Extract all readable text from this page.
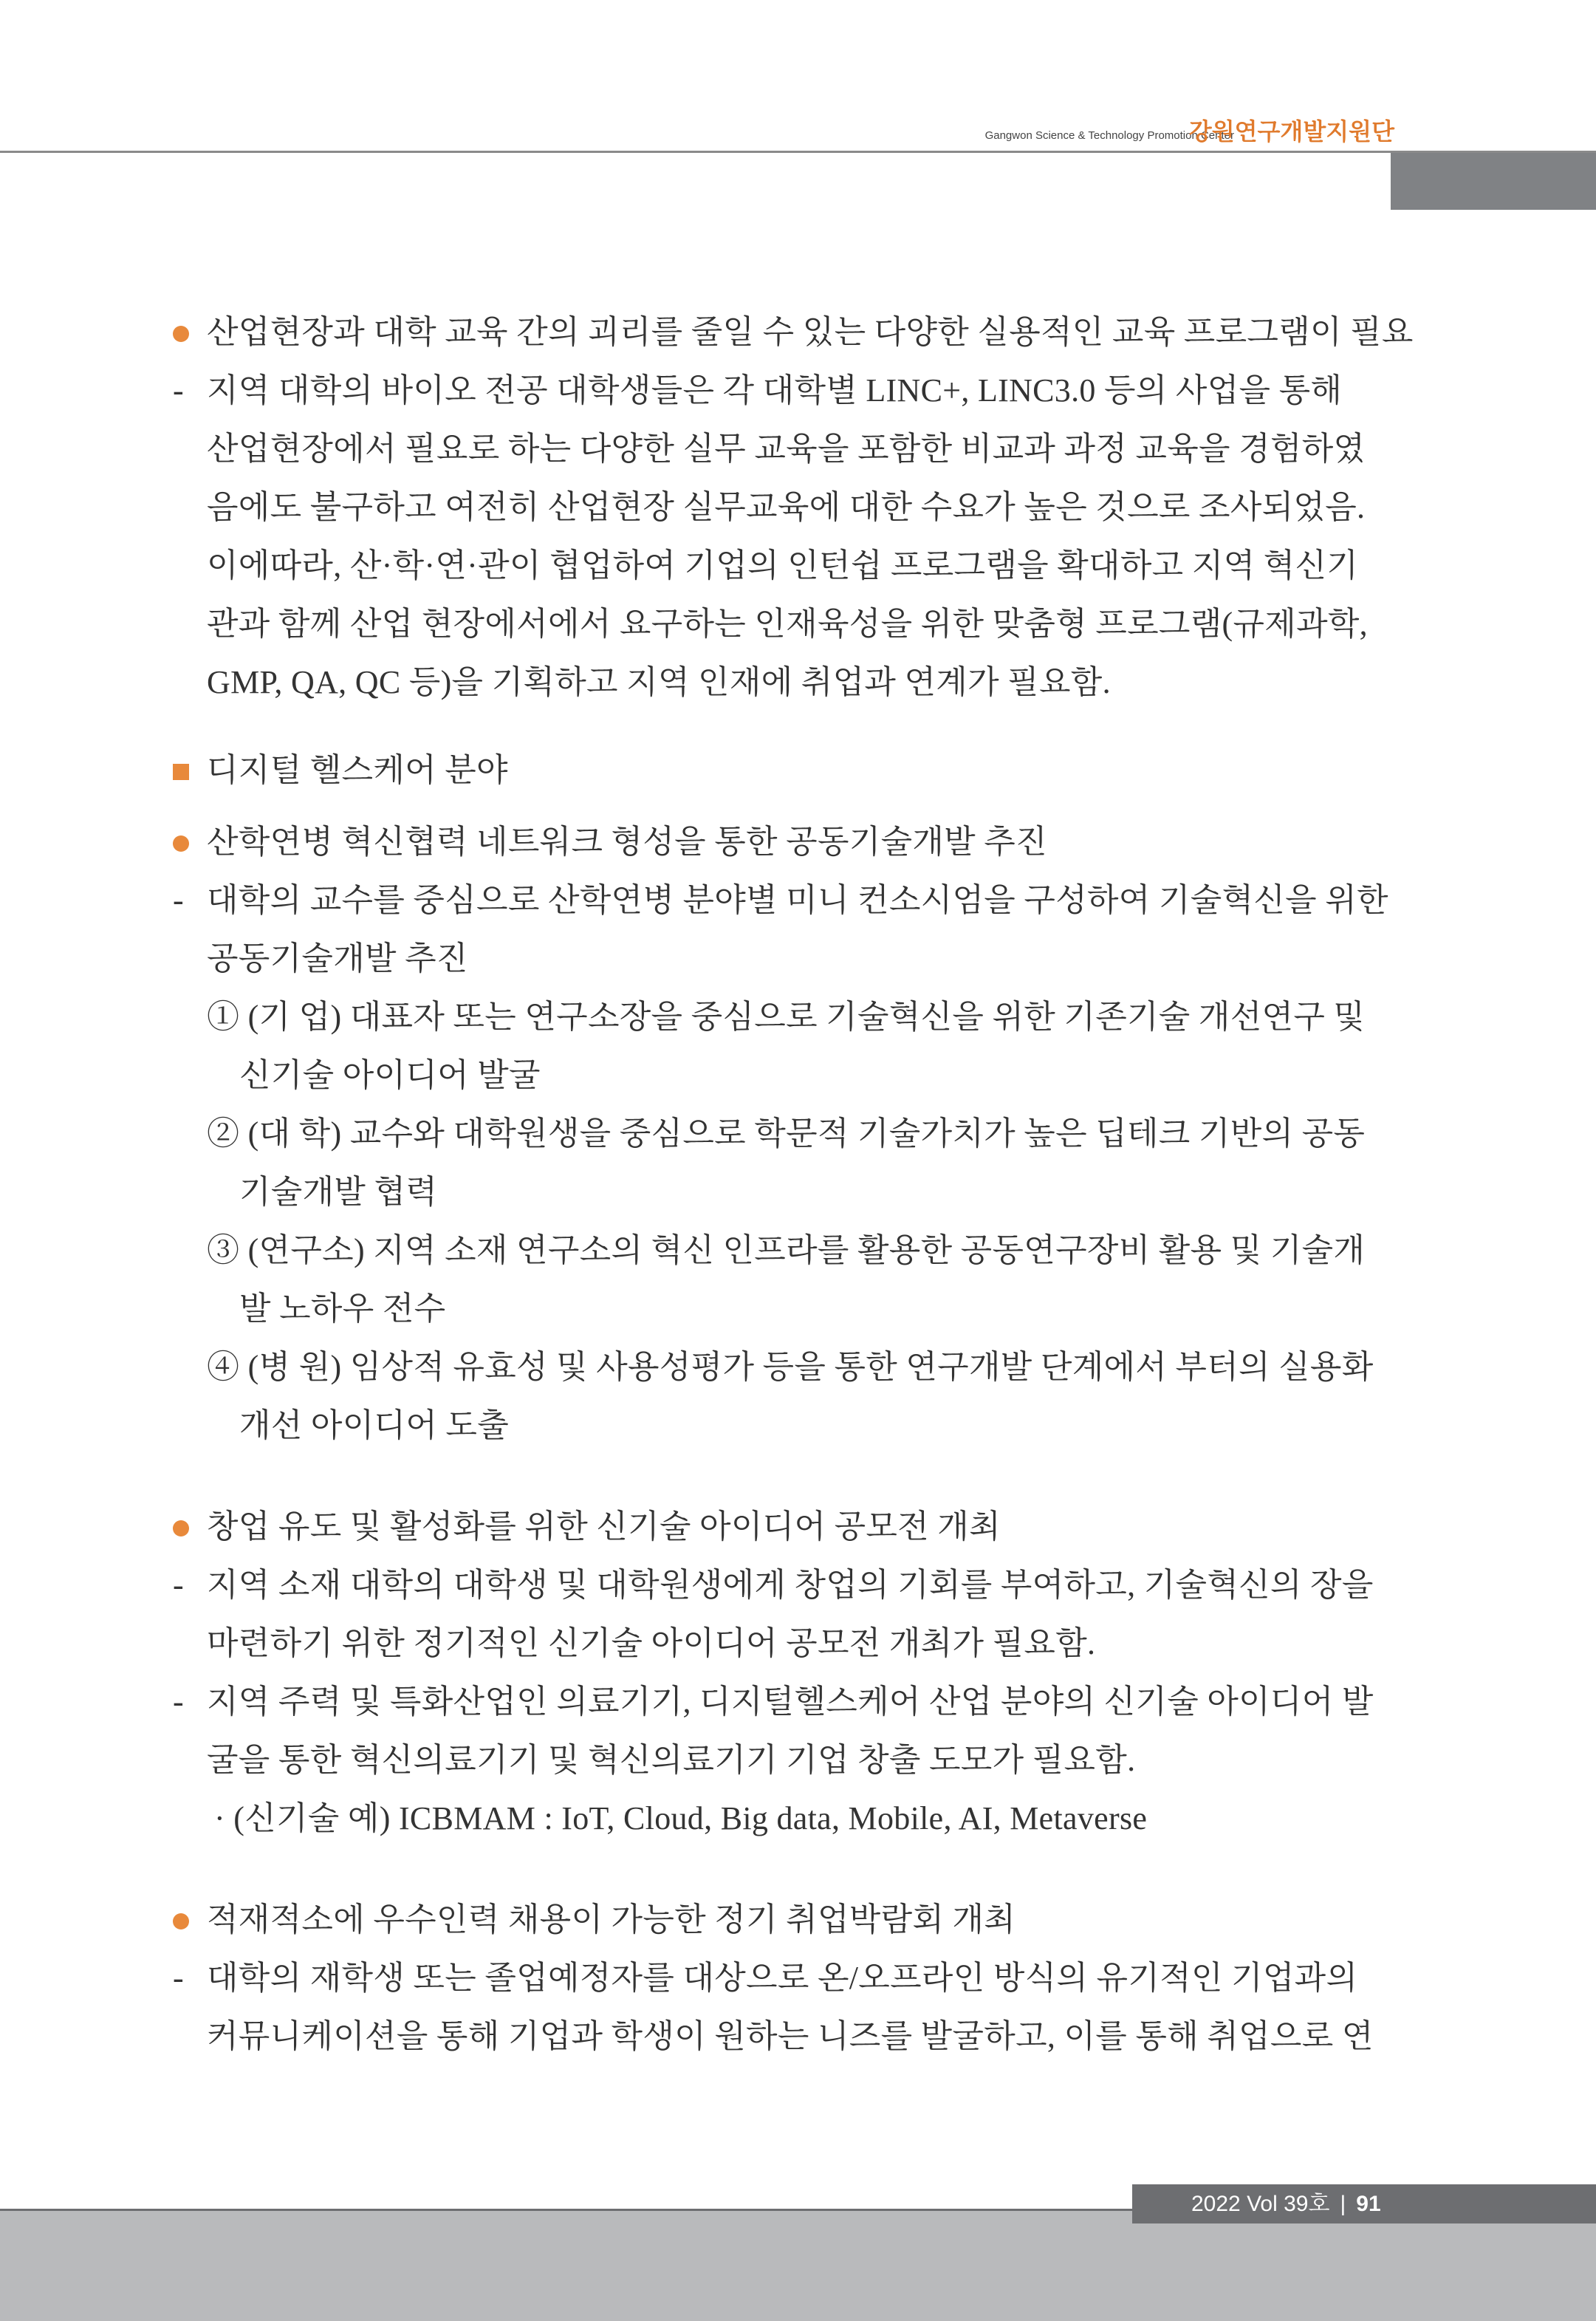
Gangwon Science & Technology Promotion Center
강원연구개발지원단
산업현장과 대학 교육 간의 괴리를 줄일 수 있는 다양한 실용적인 교육 프로그램이 필요
- 지역 대학의 바이오 전공 대학생들은 각 대학별 LINC+, LINC3.0 등의 사업을 통해
산업현장에서 필요로 하는 다양한 실무 교육을 포함한 비교과 과정 교육을 경험하였
음에도 불구하고 여전히 산업현장 실무교육에 대한 수요가 높은 것으로 조사되었음.
이에따라, 산·학·연·관이 협업하여 기업의 인턴쉽 프로그램을 확대하고 지역 혁신기
관과 함께 산업 현장에서에서 요구하는 인재육성을 위한 맞춤형 프로그램(규제과학,
GMP, QA, QC 등)을 기획하고 지역 인재에 취업과 연계가 필요함.
디지털 헬스케어 분야
산학연병 혁신협력 네트워크 형성을 통한 공동기술개발 추진
- 대학의 교수를 중심으로 산학연병 분야별 미니 컨소시엄을 구성하여 기술혁신을 위한
공동기술개발 추진
① (기 업) 대표자 또는 연구소장을 중심으로 기술혁신을 위한 기존기술 개선연구 및
신기술 아이디어 발굴
② (대 학) 교수와 대학원생을 중심으로 학문적 기술가치가 높은 딥테크 기반의 공동
기술개발 협력
③ (연구소) 지역 소재 연구소의 혁신 인프라를 활용한 공동연구장비 활용 및 기술개
발 노하우 전수
④ (병 원) 임상적 유효성 및 사용성평가 등을 통한 연구개발 단계에서 부터의 실용화
개선 아이디어 도출
창업 유도 및 활성화를 위한 신기술 아이디어 공모전 개최
- 지역 소재 대학의 대학생 및 대학원생에게 창업의 기회를 부여하고, 기술혁신의 장을
마련하기 위한 정기적인 신기술 아이디어 공모전 개최가 필요함.
- 지역 주력 및 특화산업인 의료기기, 디지털헬스케어 산업 분야의 신기술 아이디어 발
굴을 통한 혁신의료기기 및 혁신의료기기 기업 창출 도모가 필요함.
· (신기술 예) ICBMAM : IoT, Cloud, Big data, Mobile, AI, Metaverse
적재적소에 우수인력 채용이 가능한 정기 취업박람회 개최
- 대학의 재학생 또는 졸업예정자를 대상으로 온/오프라인 방식의 유기적인 기업과의
커뮤니케이션을 통해 기업과 학생이 원하는 니즈를 발굴하고, 이를 통해 취업으로 연
2022 Vol 39호 | 91
